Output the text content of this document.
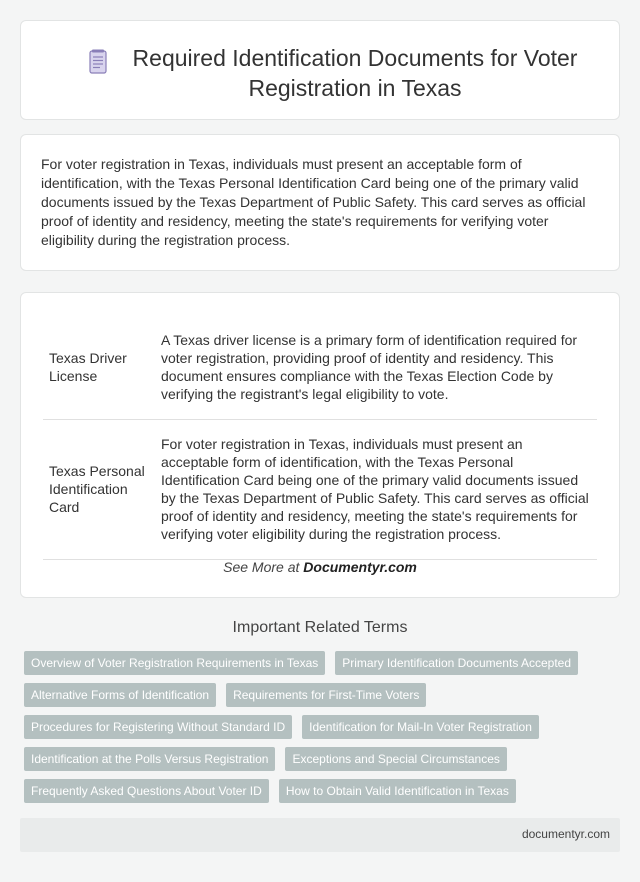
Required Identification Documents for Voter Registration in Texas

For voter registration in Texas, individuals must present an acceptable form of identification, with the Texas Personal Identification Card being one of the primary valid documents issued by the Texas Department of Public Safety. This card serves as official proof of identity and residency, meeting the state's requirements for verifying voter eligibility during the registration process.

Texas Driver License	A Texas driver license is a primary form of identification required for voter registration, providing proof of identity and residency. This document ensures compliance with the Texas Election Code by verifying the registrant's legal eligibility to vote.
Texas Personal Identification Card	For voter registration in Texas, individuals must present an acceptable form of identification, with the Texas Personal Identification Card being one of the primary valid documents issued by the Texas Department of Public Safety. This card serves as official proof of identity and residency, meeting the state's requirements for verifying voter eligibility during the registration process.
See More at Documentyr.com
Important Related Terms
Overview of Voter Registration Requirements in Texas	Primary Identification Documents Accepted
Alternative Forms of Identification	Requirements for First-Time Voters
Procedures for Registering Without Standard ID	Identification for Mail-In Voter Registration
Identification at the Polls Versus Registration	Exceptions and Special Circumstances
Frequently Asked Questions About Voter ID	How to Obtain Valid Identification in Texas
documentyr.com
